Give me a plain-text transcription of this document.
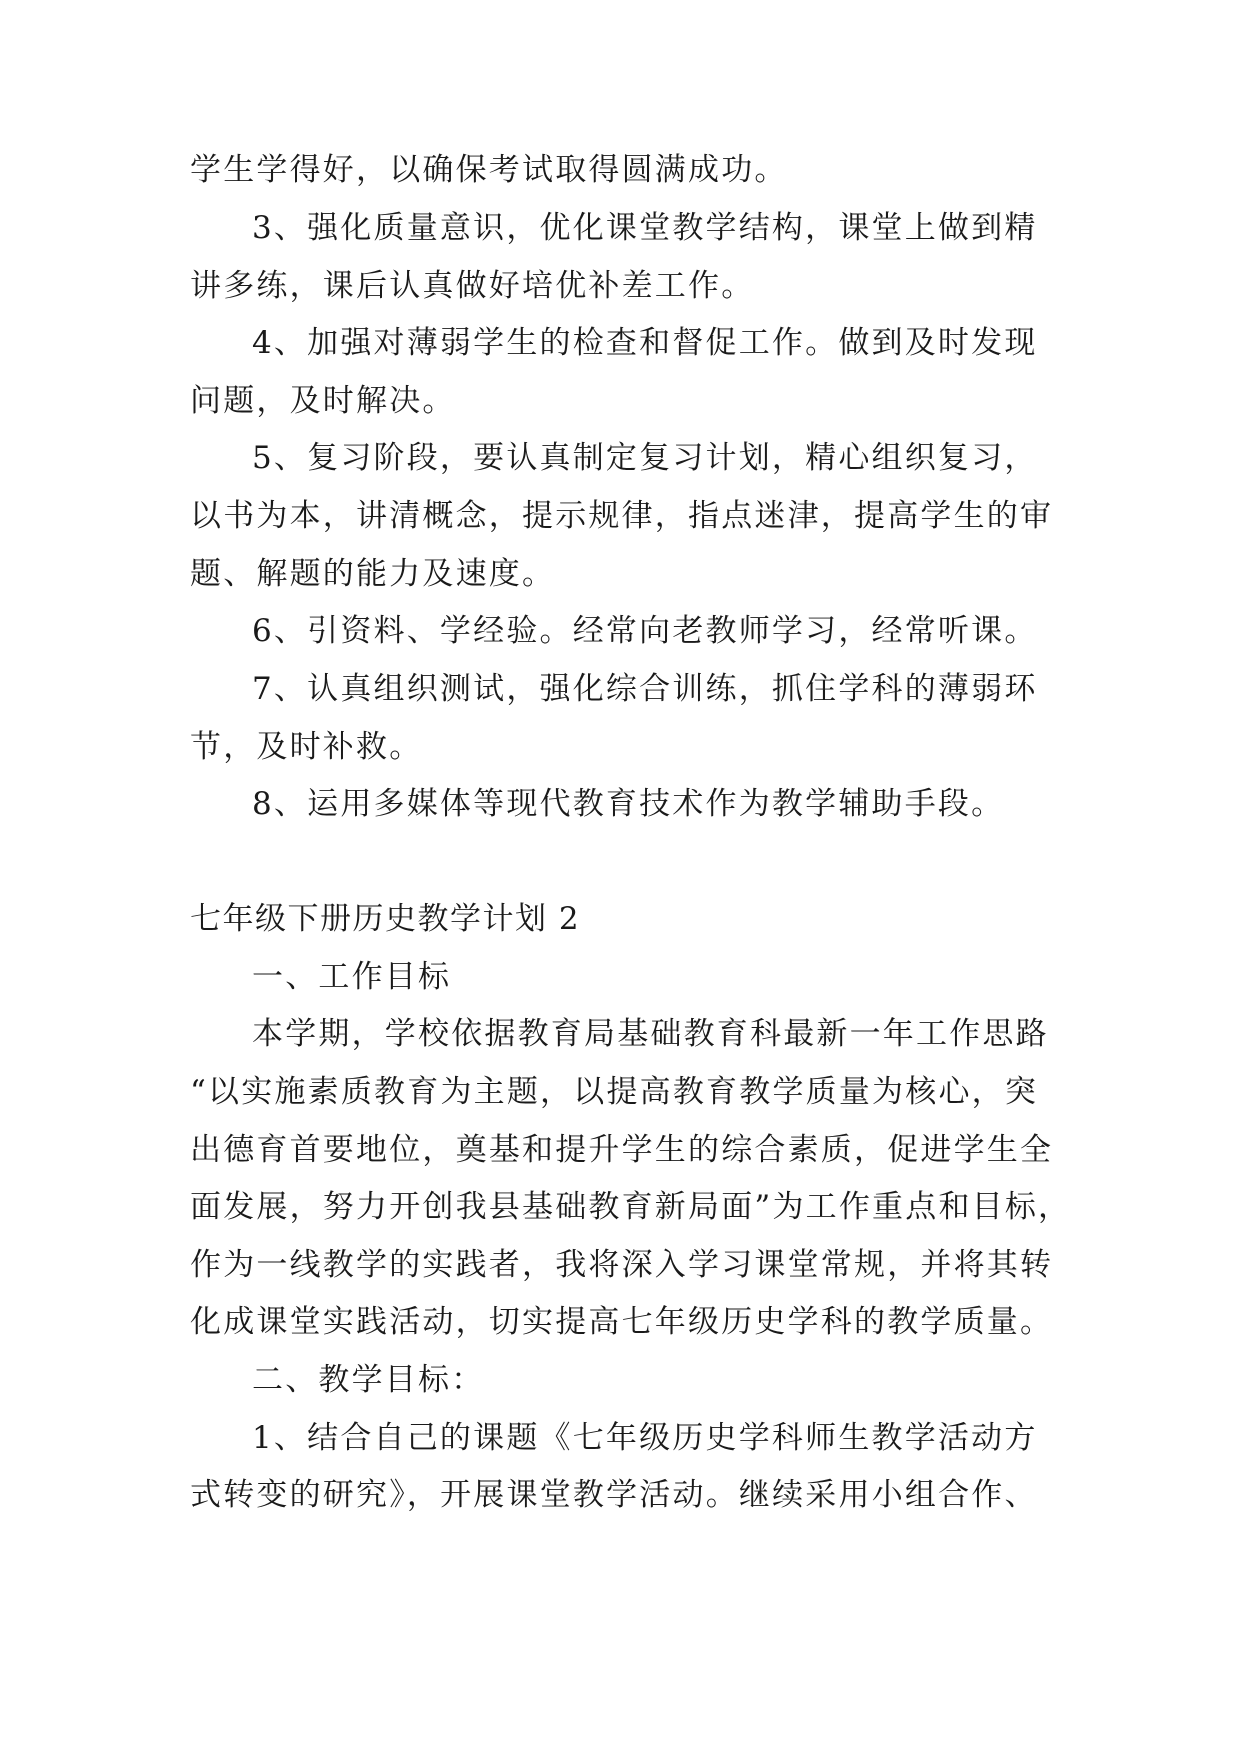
学生学得好，以确保考试取得圆满成功。
3、强化质量意识，优化课堂教学结构，课堂上做到精
讲多练，课后认真做好培优补差工作。
4、加强对薄弱学生的检查和督促工作。做到及时发现
问题，及时解决。
5、复习阶段，要认真制定复习计划，精心组织复习，
以书为本，讲清概念，提示规律，指点迷津，提高学生的审
题、解题的能力及速度。
6、引资料、学经验。经常向老教师学习，经常听课。
7、认真组织测试，强化综合训练，抓住学科的薄弱环
节，及时补救。
8、运用多媒体等现代教育技术作为教学辅助手段。
七年级下册历史教学计划 2
一、工作目标
本学期，学校依据教育局基础教育科最新一年工作思路
“以实施素质教育为主题，以提高教育教学质量为核心，突
出德育首要地位，奠基和提升学生的综合素质，促进学生全
面发展，努力开创我县基础教育新局面”为工作重点和目标，
作为一线教学的实践者，我将深入学习课堂常规，并将其转
化成课堂实践活动，切实提高七年级历史学科的教学质量。
二、教学目标：
1、结合自己的课题《七年级历史学科师生教学活动方
式转变的研究》，开展课堂教学活动。继续采用小组合作、
